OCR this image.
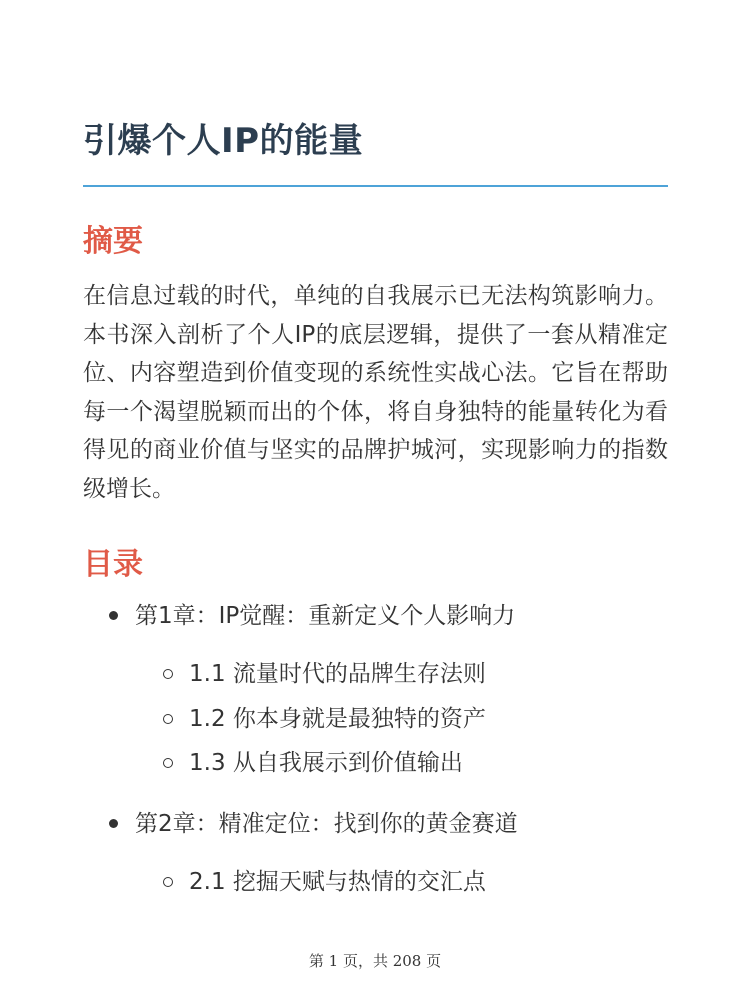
引爆个人IP的能量
摘要

在信息过载的时代，单纯的自我展示已无法构筑影响力。本书深入剖析了个人IP的底层逻辑，提供了一套从精准定位、内容塑造到价值变现的系统性实战心法。它旨在帮助每一个渴望脱颖而出的个体，将自身独特的能量转化为看得见的商业价值与坚实的品牌护城河，实现影响力的指数级增长。

目录
第1章：IP觉醒：重新定义个人影响力
1.1 流量时代的品牌生存法则
1.2 你本身就是最独特的资产
1.3 从自我展示到价值输出
第2章：精准定位：找到你的黄金赛道
2.1 挖掘天赋与热情的交汇点
第 1 页，共 208 页
